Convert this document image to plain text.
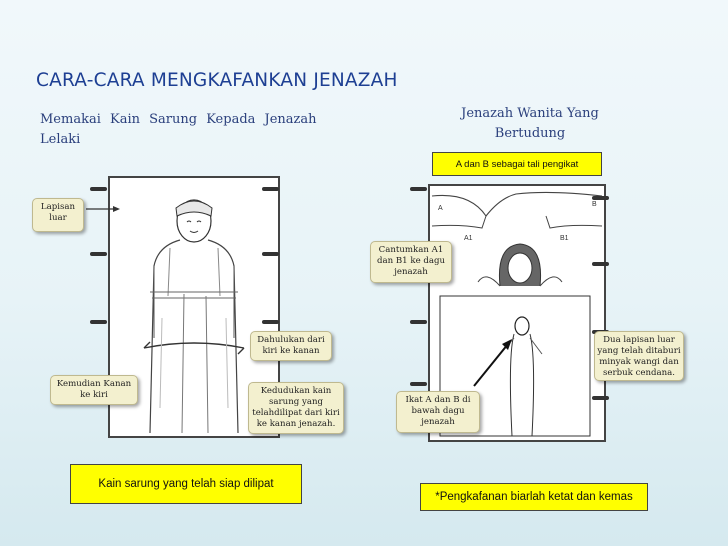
CARA-CARA MENGKAFANKAN JENAZAH
Memakai Kain Sarung Kepada Jenazah Lelaki
Jenazah Wanita Yang Bertudung
Lapisan luar
Dahulukan dari kiri ke kanan
Kemudian Kanan ke kiri	Kedudukan kain sarung yang telahdilipat dari kiri ke kanan jenazah.
Kain sarung yang telah siap dilipat
A dan B sebagai tali pengikat
A
B
A1	B1
Cantumkan A1 dan B1 ke dagu jenazah
Dua lapisan luar yang telah ditaburi minyak wangi dan serbuk cendana.
Ikat A dan B di bawah dagu jenazah
*Pengkafanan biarlah ketat dan kemas
